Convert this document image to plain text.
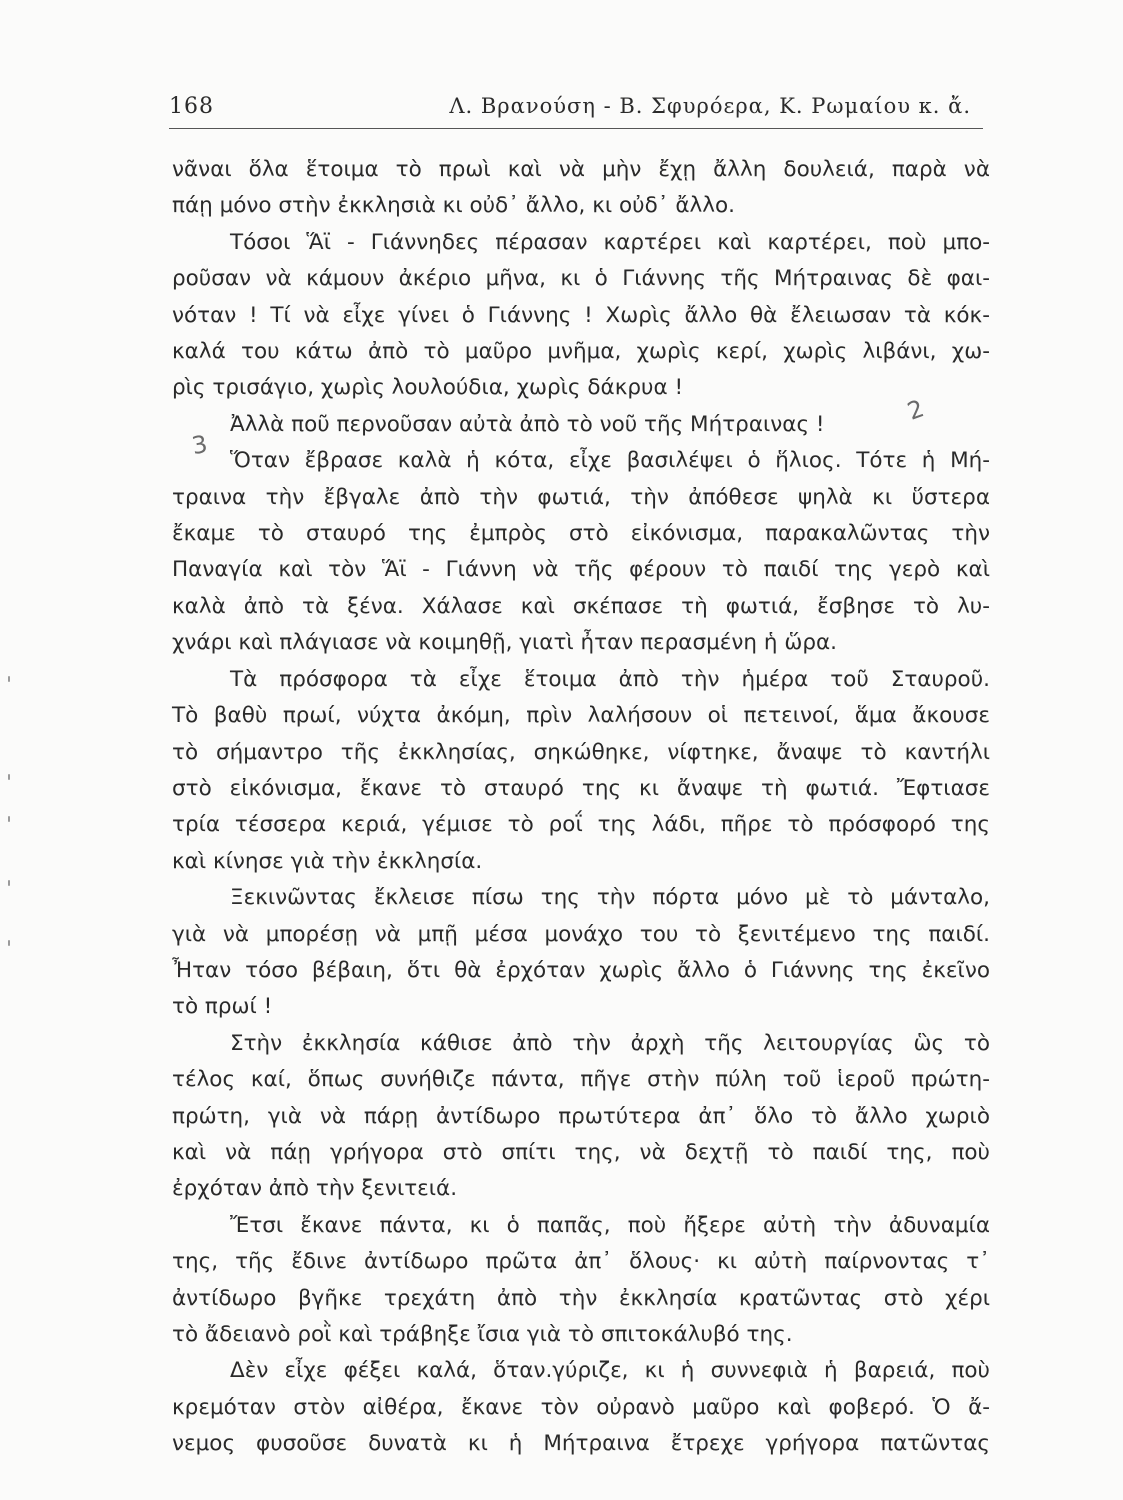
168	Λ. Βρανούση - Β. Σφυρόερα, Κ. Ρωμαίου κ. ἄ.
2
3
νᾶναι ὅλα ἕτοιμα τὸ πρωὶ καὶ νὰ μὴν ἔχῃ ἄλλη δουλειά, παρὰ νὰ
πάῃ μόνο στὴν ἐκκλησιὰ κι οὐδ᾽ ἄλλο, κι οὐδ᾽ ἄλλο.
Τόσοι Ἅϊ - Γιάννηδες πέρασαν καρτέρει καὶ καρτέρει, ποὺ μπο-
ροῦσαν νὰ κάμουν ἀκέριο μῆνα, κι ὁ Γιάννης τῆς Μήτραινας δὲ φαι-
νόταν ! Τί νὰ εἶχε γίνει ὁ Γιάννης ! Χωρὶς ἄλλο θὰ ἔλειωσαν τὰ κόκ-
καλά του κάτω ἀπὸ τὸ μαῦρο μνῆμα, χωρὶς κερί, χωρὶς λιβάνι, χω-
ρὶς τρισάγιο, χωρὶς λουλούδια, χωρὶς δάκρυα !
Ἀλλὰ ποῦ περνοῦσαν αὐτὰ ἀπὸ τὸ νοῦ τῆς Μήτραινας !
Ὅταν ἔβρασε καλὰ ἡ κότα, εἶχε βασιλέψει ὁ ἥλιος. Τότε ἡ Μή-
τραινα τὴν ἔβγαλε ἀπὸ τὴν φωτιά, τὴν ἀπόθεσε ψηλὰ κι ὕστερα
ἔκαμε τὸ σταυρό της ἐμπρὸς στὸ εἰκόνισμα, παρακαλῶντας τὴν
Παναγία καὶ τὸν Ἅϊ - Γιάννη νὰ τῆς φέρουν τὸ παιδί της γερὸ καὶ
καλὰ ἀπὸ τὰ ξένα. Χάλασε καὶ σκέπασε τὴ φωτιά, ἔσβησε τὸ λυ-
χνάρι καὶ πλάγιασε νὰ κοιμηθῇ, γιατὶ ἦταν περασμένη ἡ ὥρα.
Τὰ πρόσφορα τὰ εἶχε ἕτοιμα ἀπὸ τὴν ἡμέρα τοῦ Σταυροῦ.
Τὸ βαθὺ πρωί, νύχτα ἀκόμη, πρὶν λαλήσουν οἱ πετεινοί, ἅμα ἄκουσε
τὸ σήμαντρο τῆς ἐκκλησίας, σηκώθηκε, νίφτηκε, ἄναψε τὸ καντήλι
στὸ εἰκόνισμα, ἔκανε τὸ σταυρό της κι ἄναψε τὴ φωτιά. Ἔφτιασε
τρία τέσσερα κεριά, γέμισε τὸ ροΐ της λάδι, πῆρε τὸ πρόσφορό της
καὶ κίνησε γιὰ τὴν ἐκκλησία.
Ξεκινῶντας ἔκλεισε πίσω της τὴν πόρτα μόνο μὲ τὸ μάνταλο,
γιὰ νὰ μπορέσῃ νὰ μπῇ μέσα μονάχο του τὸ ξενιτέμενο της παιδί.
Ἦταν τόσο βέβαιη, ὅτι θὰ ἐρχόταν χωρὶς ἄλλο ὁ Γιάννης της ἐκεῖνο
τὸ πρωί !
Στὴν ἐκκλησία κάθισε ἀπὸ τὴν ἀρχὴ τῆς λειτουργίας ὣς τὸ
τέλος καί, ὅπως συνήθιζε πάντα, πῆγε στὴν πύλη τοῦ ἱεροῦ πρώτη-
πρώτη, γιὰ νὰ πάρῃ ἀντίδωρο πρωτύτερα ἀπ᾽ ὅλο τὸ ἄλλο χωριὸ
καὶ νὰ πάῃ γρήγορα στὸ σπίτι της, νὰ δεχτῇ τὸ παιδί της, ποὺ
ἐρχόταν ἀπὸ τὴν ξενιτειά.
Ἔτσι ἔκανε πάντα, κι ὁ παπᾶς, ποὺ ἤξερε αὐτὴ τὴν ἀδυναμία
της, τῆς ἔδινε ἀντίδωρο πρῶτα ἀπ᾽ ὅλους· κι αὐτὴ παίρνοντας τ᾽
ἀντίδωρο βγῆκε τρεχάτη ἀπὸ τὴν ἐκκλησία κρατῶντας στὸ χέρι
τὸ ἄδειανὸ ροῒ καὶ τράβηξε ἴσια γιὰ τὸ σπιτοκάλυβό της.
Δὲν εἶχε φέξει καλά, ὅταν.γύριζε, κι ἡ συννεφιὰ ἡ βαρειά, ποὺ
κρεμόταν στὸν αἰθέρα, ἔκανε τὸν οὐρανὸ μαῦρο καὶ φοβερό. Ὁ ἄ-
νεμος φυσοῦσε δυνατὰ κι ἡ Μήτραινα ἔτρεχε γρήγορα πατῶντας
